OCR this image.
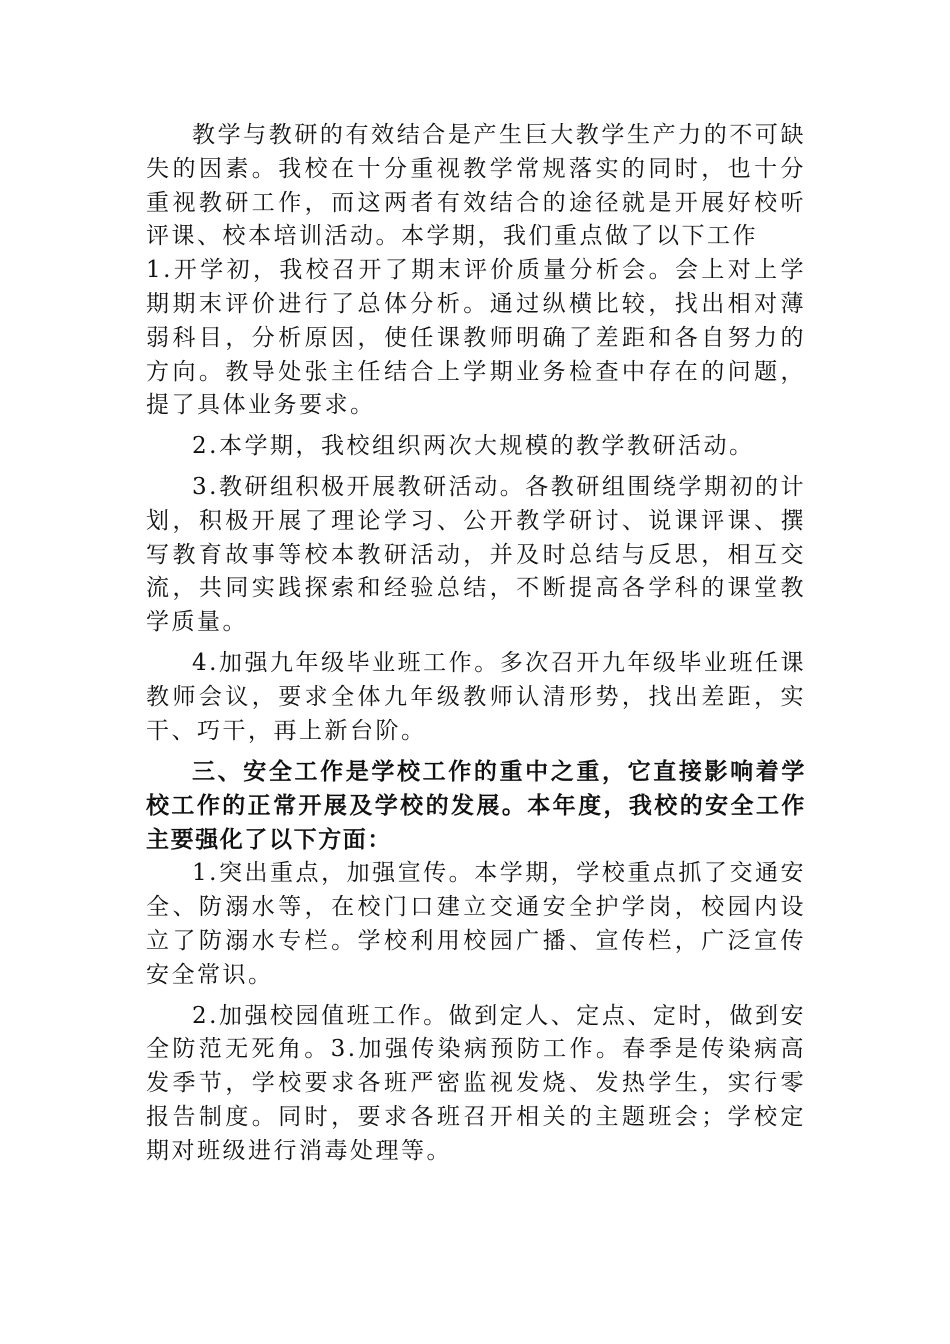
教学与教研的有效结合是产生巨大教学生产力的不可缺失的因素。我校在十分重视教学常规落实的同时，也十分重视教研工作，而这两者有效结合的途径就是开展好校听评课、校本培训活动。本学期，我们重点做了以下工作

1.开学初，我校召开了期末评价质量分析会。会上对上学期期末评价进行了总体分析。通过纵横比较，找出相对薄弱科目，分析原因，使任课教师明确了差距和各自努力的方向。教导处张主任结合上学期业务检查中存在的问题，提了具体业务要求。

2.本学期，我校组织两次大规模的教学教研活动。

3.教研组积极开展教研活动。各教研组围绕学期初的计划，积极开展了理论学习、公开教学研讨、说课评课、撰写教育故事等校本教研活动，并及时总结与反思，相互交流，共同实践探索和经验总结，不断提高各学科的课堂教学质量。

4.加强九年级毕业班工作。多次召开九年级毕业班任课教师会议，要求全体九年级教师认清形势，找出差距，实干、巧干，再上新台阶。

三、安全工作是学校工作的重中之重，它直接影响着学校工作的正常开展及学校的发展。本年度，我校的安全工作主要强化了以下方面：

1.突出重点，加强宣传。本学期，学校重点抓了交通安全、防溺水等，在校门口建立交通安全护学岗，校园内设立了防溺水专栏。学校利用校园广播、宣传栏，广泛宣传安全常识。

2.加强校园值班工作。做到定人、定点、定时，做到安全防范无死角。3.加强传染病预防工作。春季是传染病高发季节，学校要求各班严密监视发烧、发热学生，实行零报告制度。同时，要求各班召开相关的主题班会；学校定期对班级进行消毒处理等。
